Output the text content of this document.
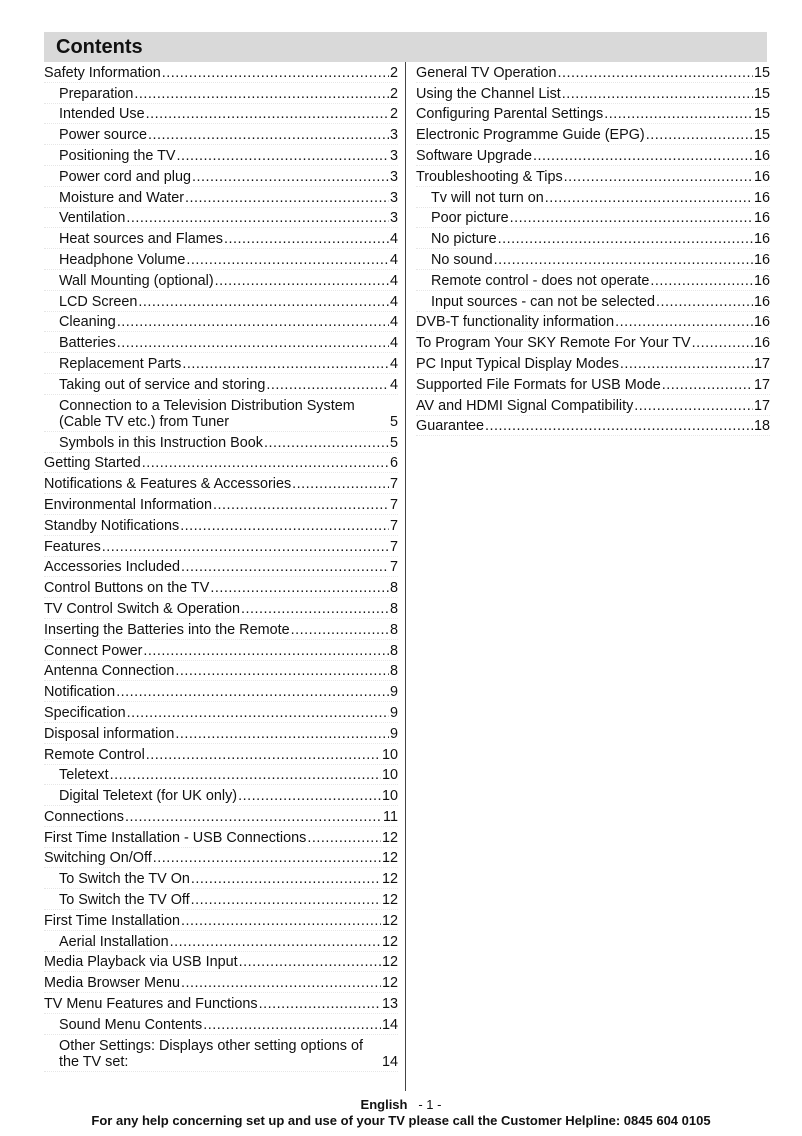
Contents
Safety Information .....	2
Preparation .....	2
Intended Use .....	2
Power source .....	3
Positioning the TV .....	3
Power cord and plug .....	3
Moisture and Water .....	3
Ventilation .....	3
Heat sources and Flames .....	4
Headphone Volume .....	4
Wall Mounting (optional) .....	4
LCD Screen .....	4
Cleaning .....	4
Batteries .....	4
Replacement Parts .....	4
Taking out of service and storing .....	4
Connection to a Television Distribution System (Cable TV etc.) from Tuner	5
Symbols in this Instruction Book .....	5
Getting Started .....	6
Notifications & Features & Accessories .....	7
Environmental Information .....	7
Standby Notifications .....	7
Features .....	7
Accessories Included .....	7
Control Buttons on the TV .....	8
TV Control Switch & Operation .....	8
Inserting the Batteries into the Remote .....	8
Connect Power .....	8
Antenna Connection .....	8
Notification .....	9
Specification .....	9
Disposal information .....	9
Remote Control .....	10
Teletext .....	10
Digital Teletext (for UK only) .....	10
Connections .....	11
First Time Installation - USB Connections .....	12
Switching On/Off .....	12
To Switch the TV On .....	12
To Switch the TV Off .....	12
First Time Installation .....	12
Aerial Installation .....	12
Media Playback via USB Input .....	12
Media Browser Menu .....	12
TV Menu Features and Functions .....	13
Sound Menu Contents .....	14
Other Settings: Displays other setting options of the TV set:	14
General TV Operation .....	15
Using the Channel List .....	15
Configuring Parental Settings .....	15
Electronic Programme Guide (EPG) .....	15
Software Upgrade .....	16
Troubleshooting & Tips .....	16
Tv will not turn on .....	16
Poor picture .....	16
No picture .....	16
No sound .....	16
Remote control - does not operate .....	16
Input sources - can not be selected .....	16
DVB-T functionality information .....	16
To Program Your SKY Remote For Your TV .....	16
PC Input Typical Display Modes .....	17
Supported File Formats for USB Mode .....	17
AV and HDMI Signal Compatibility .....	17
Guarantee .....	18
English - 1 -
For any help concerning set up and use of your TV please call the Customer Helpline: 0845 604 0105
